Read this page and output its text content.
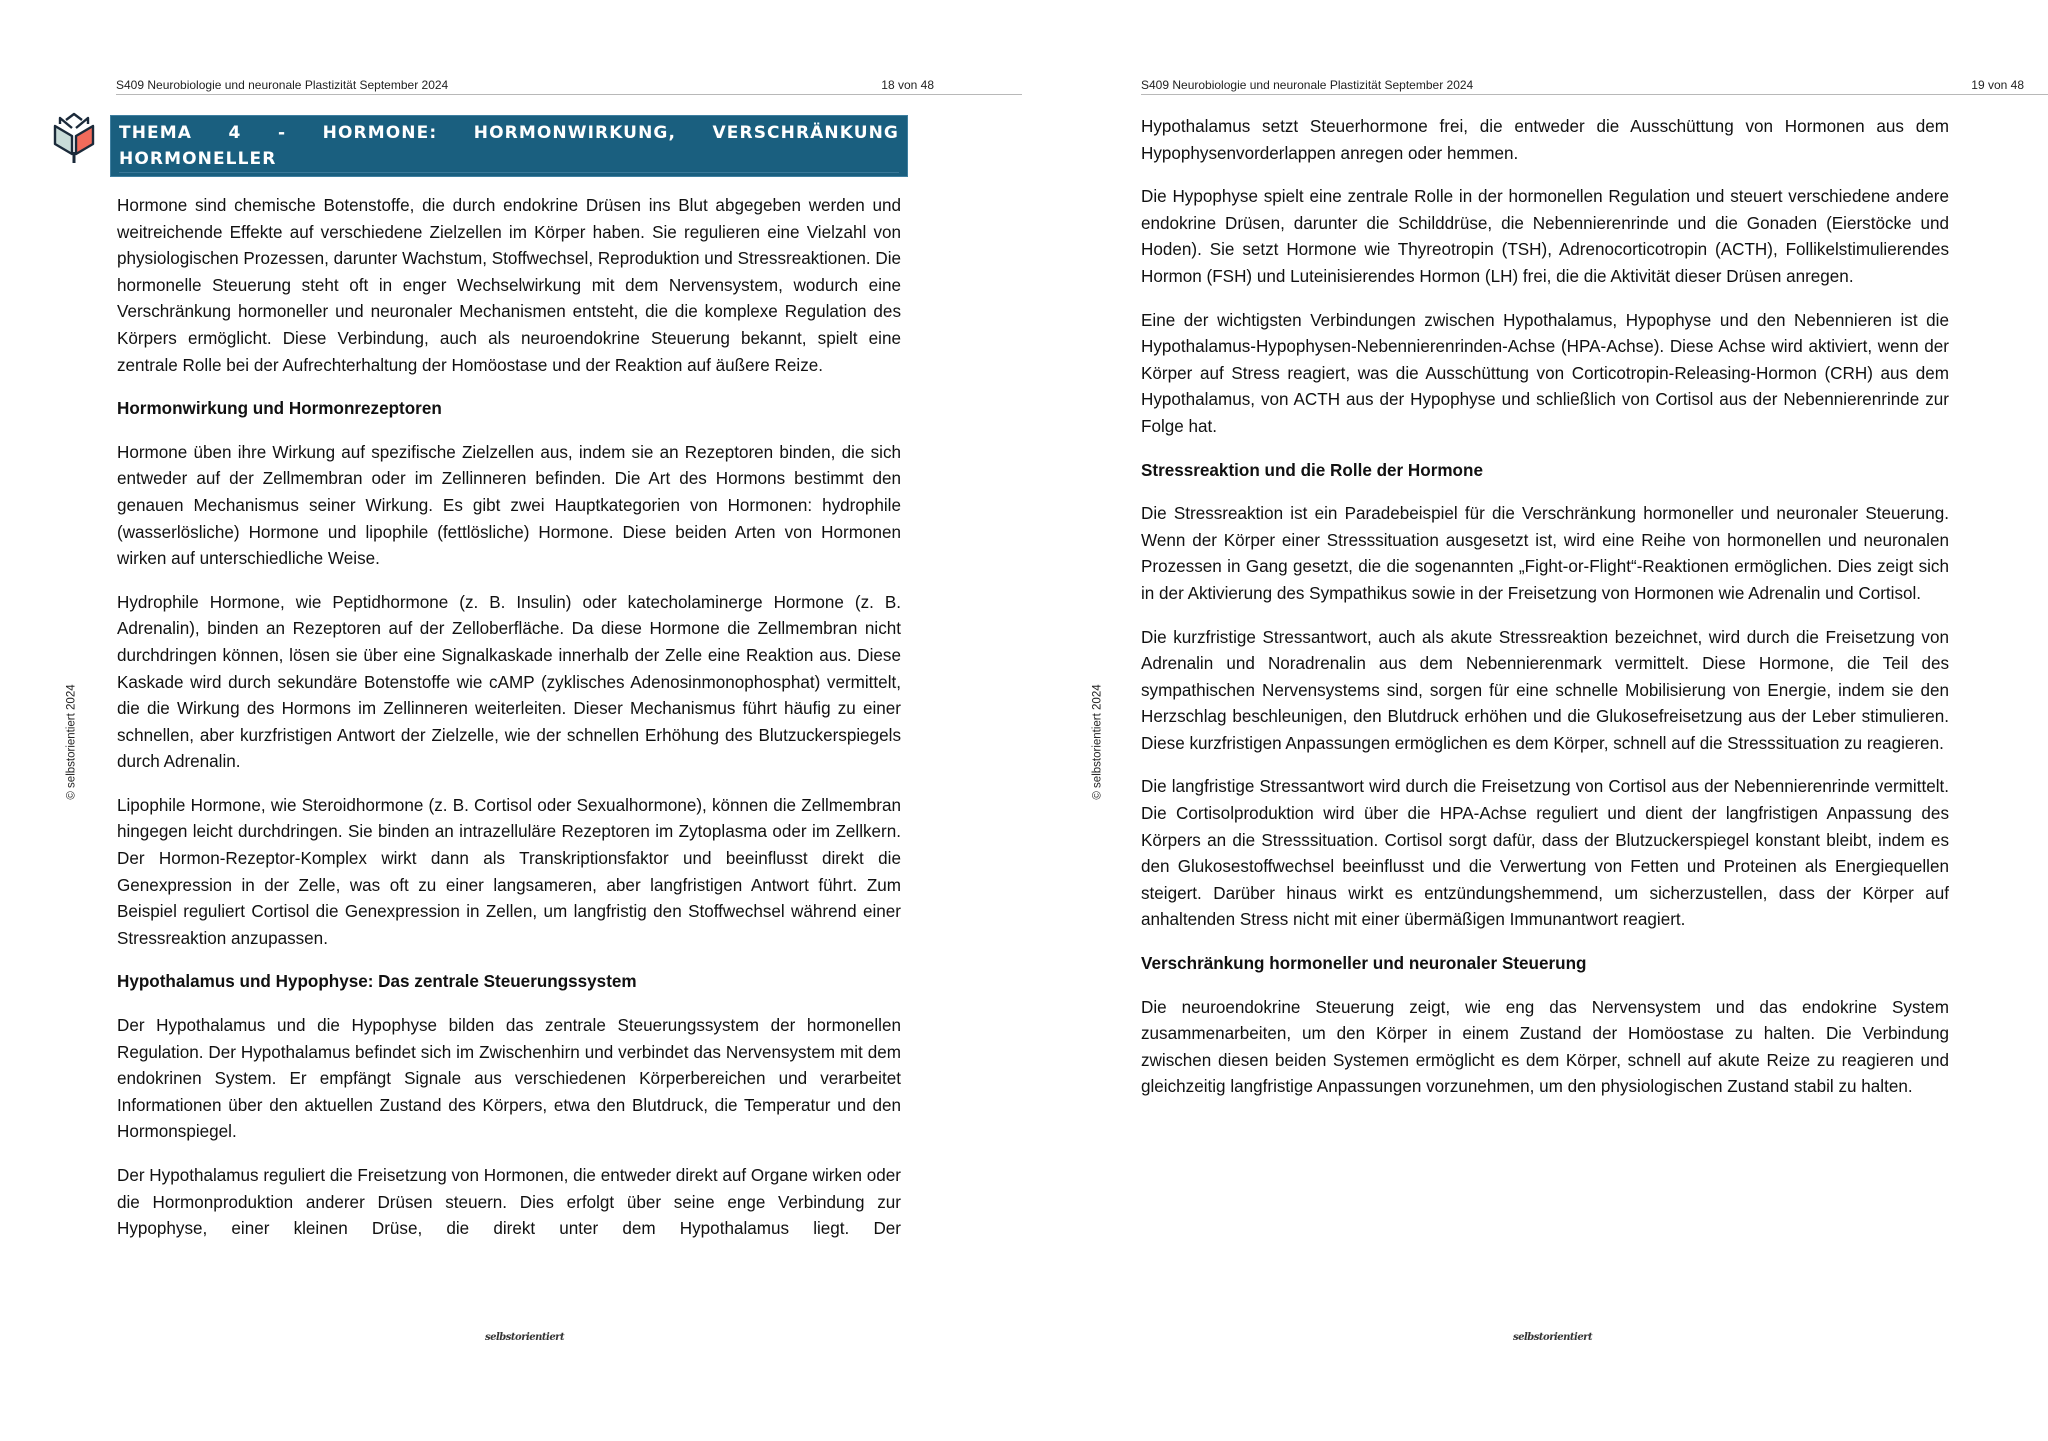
S409 Neurobiologie und neuronale Plastizität September 2024	18 von 48
© selbstorientiert 2024
THEMA 4 - HORMONE: HORMONWIRKUNG, VERSCHRÄNKUNG HORMONELLER
UND NEURONALER STEUERUNG

Hormone sind chemische Botenstoffe, die durch endokrine Drüsen ins Blut abgegeben werden und weitreichende Effekte auf verschiedene Zielzellen im Körper haben. Sie regulieren eine Vielzahl von physiologischen Prozessen, darunter Wachstum, Stoffwechsel, Reproduktion und Stressreaktionen. Die hormonelle Steuerung steht oft in enger Wechselwirkung mit dem Nervensystem, wodurch eine Verschränkung hormoneller und neuronaler Mechanismen entsteht, die die komplexe Regulation des Körpers ermöglicht. Diese Verbindung, auch als neuroendokrine Steuerung bekannt, spielt eine zentrale Rolle bei der Aufrechterhaltung der Homöostase und der Reaktion auf äußere Reize.

Hormonwirkung und Hormonrezeptoren

Hormone üben ihre Wirkung auf spezifische Zielzellen aus, indem sie an Rezeptoren binden, die sich entweder auf der Zellmembran oder im Zellinneren befinden. Die Art des Hormons bestimmt den genauen Mechanismus seiner Wirkung. Es gibt zwei Hauptkategorien von Hormonen: hydrophile (wasserlösliche) Hormone und lipophile (fettlösliche) Hormone. Diese beiden Arten von Hormonen wirken auf unterschiedliche Weise.

Hydrophile Hormone, wie Peptidhormone (z. B. Insulin) oder katecholaminerge Hormone (z. B. Adrenalin), binden an Rezeptoren auf der Zelloberfläche. Da diese Hormone die Zellmembran nicht durchdringen können, lösen sie über eine Signalkaskade innerhalb der Zelle eine Reaktion aus. Diese Kaskade wird durch sekundäre Botenstoffe wie cAMP (zyklisches Adenosinmonophosphat) vermittelt, die die Wirkung des Hormons im Zellinneren weiterleiten. Dieser Mechanismus führt häufig zu einer schnellen, aber kurzfristigen Antwort der Zielzelle, wie der schnellen Erhöhung des Blutzuckerspiegels durch Adrenalin.

Lipophile Hormone, wie Steroidhormone (z. B. Cortisol oder Sexualhormone), können die Zellmembran hingegen leicht durchdringen. Sie binden an intrazelluläre Rezeptoren im Zytoplasma oder im Zellkern. Der Hormon-Rezeptor-Komplex wirkt dann als Transkriptionsfaktor und beeinflusst direkt die Genexpression in der Zelle, was oft zu einer langsameren, aber langfristigen Antwort führt. Zum Beispiel reguliert Cortisol die Genexpression in Zellen, um langfristig den Stoffwechsel während einer Stressreaktion anzupassen.

Hypothalamus und Hypophyse: Das zentrale Steuerungssystem

Der Hypothalamus und die Hypophyse bilden das zentrale Steuerungssystem der hormonellen Regulation. Der Hypothalamus befindet sich im Zwischenhirn und verbindet das Nervensystem mit dem endokrinen System. Er empfängt Signale aus verschiedenen Körperbereichen und verarbeitet Informationen über den aktuellen Zustand des Körpers, etwa den Blutdruck, die Temperatur und den Hormonspiegel.

Der Hypothalamus reguliert die Freisetzung von Hormonen, die entweder direkt auf Organe wirken oder die Hormonproduktion anderer Drüsen steuern. Dies erfolgt über seine enge Verbindung zur Hypophyse, einer kleinen Drüse, die direkt unter dem Hypothalamus liegt. Der

selbstorientiert
S409 Neurobiologie und neuronale Plastizität September 2024	19 von 48
© selbstorientiert 2024

Hypothalamus setzt Steuerhormone frei, die entweder die Ausschüttung von Hormonen aus dem Hypophysenvorderlappen anregen oder hemmen.

Die Hypophyse spielt eine zentrale Rolle in der hormonellen Regulation und steuert verschiedene andere endokrine Drüsen, darunter die Schilddrüse, die Nebennierenrinde und die Gonaden (Eierstöcke und Hoden). Sie setzt Hormone wie Thyreotropin (TSH), Adrenocorticotropin (ACTH), Follikelstimulierendes Hormon (FSH) und Luteinisierendes Hormon (LH) frei, die die Aktivität dieser Drüsen anregen.

Eine der wichtigsten Verbindungen zwischen Hypothalamus, Hypophyse und den Nebennieren ist die Hypothalamus-Hypophysen-Nebennierenrinden-Achse (HPA-Achse). Diese Achse wird aktiviert, wenn der Körper auf Stress reagiert, was die Ausschüttung von Corticotropin-Releasing-Hormon (CRH) aus dem Hypothalamus, von ACTH aus der Hypophyse und schließlich von Cortisol aus der Nebennierenrinde zur Folge hat.

Stressreaktion und die Rolle der Hormone

Die Stressreaktion ist ein Paradebeispiel für die Verschränkung hormoneller und neuronaler Steuerung. Wenn der Körper einer Stresssituation ausgesetzt ist, wird eine Reihe von hormonellen und neuronalen Prozessen in Gang gesetzt, die die sogenannten „Fight-or-Flight“-Reaktionen ermöglichen. Dies zeigt sich in der Aktivierung des Sympathikus sowie in der Freisetzung von Hormonen wie Adrenalin und Cortisol.

Die kurzfristige Stressantwort, auch als akute Stressreaktion bezeichnet, wird durch die Freisetzung von Adrenalin und Noradrenalin aus dem Nebennierenmark vermittelt. Diese Hormone, die Teil des sympathischen Nervensystems sind, sorgen für eine schnelle Mobilisierung von Energie, indem sie den Herzschlag beschleunigen, den Blutdruck erhöhen und die Glukosefreisetzung aus der Leber stimulieren. Diese kurzfristigen Anpassungen ermöglichen es dem Körper, schnell auf die Stresssituation zu reagieren.

Die langfristige Stressantwort wird durch die Freisetzung von Cortisol aus der Nebennierenrinde vermittelt. Die Cortisolproduktion wird über die HPA-Achse reguliert und dient der langfristigen Anpassung des Körpers an die Stresssituation. Cortisol sorgt dafür, dass der Blutzuckerspiegel konstant bleibt, indem es den Glukosestoffwechsel beeinflusst und die Verwertung von Fetten und Proteinen als Energiequellen steigert. Darüber hinaus wirkt es entzündungshemmend, um sicherzustellen, dass der Körper auf anhaltenden Stress nicht mit einer übermäßigen Immunantwort reagiert.

Verschränkung hormoneller und neuronaler Steuerung

Die neuroendokrine Steuerung zeigt, wie eng das Nervensystem und das endokrine System zusammenarbeiten, um den Körper in einem Zustand der Homöostase zu halten. Die Verbindung zwischen diesen beiden Systemen ermöglicht es dem Körper, schnell auf akute Reize zu reagieren und gleichzeitig langfristige Anpassungen vorzunehmen, um den physiologischen Zustand stabil zu halten.

selbstorientiert
